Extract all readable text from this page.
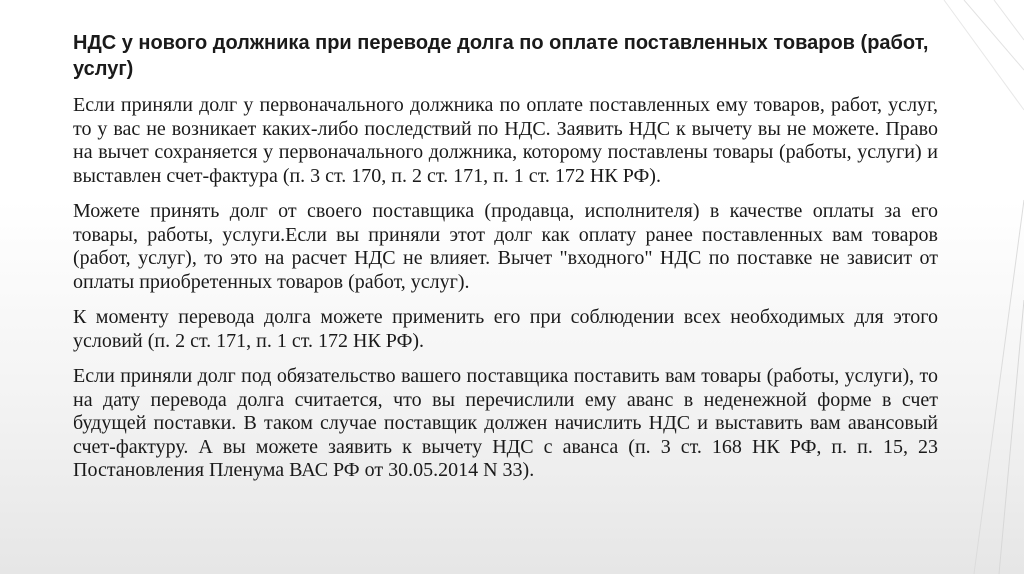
НДС у нового должника при переводе долга по оплате поставленных товаров (работ, услуг)

Если приняли долг у первоначального должника по оплате поставленных ему товаров, работ, услуг, то у вас не возникает каких-либо последствий по НДС. Заявить НДС к вычету вы не можете. Право на вычет сохраняется у первоначального должника, которому поставлены товары (работы, услуги) и выставлен счет-фактура (п. 3 ст. 170, п. 2 ст. 171, п. 1 ст. 172 НК РФ).

Можете принять долг от своего поставщика (продавца, исполнителя) в качестве оплаты за его товары, работы, услуги.Если вы приняли этот долг как оплату ранее поставленных вам товаров (работ, услуг), то это на расчет НДС не влияет. Вычет "входного" НДС по поставке не зависит от оплаты приобретенных товаров (работ, услуг).

К моменту перевода долга можете применить его при соблюдении всех необходимых для этого условий (п. 2 ст. 171, п. 1 ст. 172 НК РФ).

Если приняли долг под обязательство вашего поставщика поставить вам товары (работы, услуги), то на дату перевода долга считается, что вы перечислили ему аванс в неденежной форме в счет будущей поставки. В таком случае поставщик должен начислить НДС и выставить вам авансовый счет-фактуру. А вы можете заявить к вычету НДС с аванса (п. 3 ст. 168 НК РФ, п. п. 15, 23 Постановления Пленума ВАС РФ от 30.05.2014 N 33).
